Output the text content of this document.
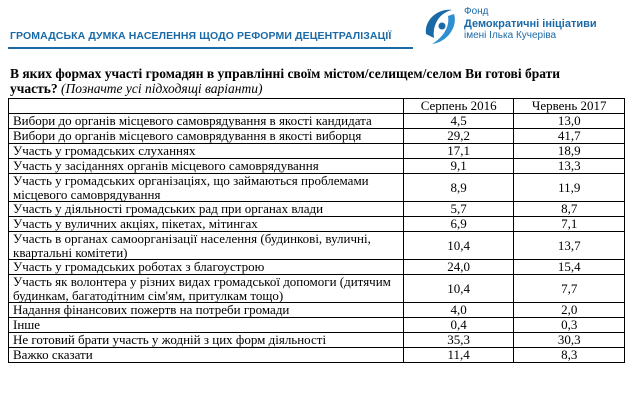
ГРОМАДСЬКА ДУМКА НАСЕЛЕННЯ ЩОДО РЕФОРМИ ДЕЦЕНТРАЛІЗАЦІЇ
Фонд
Демократичні ініціативи
імені Ілька Кучеріва
В яких формах участі громадян в управлінні своїм містом/селищем/селом Ви готові брати участь? (Позначте усі підходящі варіанти)
	Серпень 2016	Червень 2017
Вибори до органів місцевого самоврядування в якості кандидата	4,5	13,0
Вибори до органів місцевого самоврядування в якості виборця	29,2	41,7
Участь у громадських слуханнях	17,1	18,9
Участь у засіданнях органів місцевого самоврядування	9,1	13,3
Участь у громадських організаціях, що займаються проблемами місцевого самоврядування	8,9	11,9
Участь у діяльності громадських рад при органах влади	5,7	8,7
Участь у вуличних акціях, пікетах, мітингах	6,9	7,1
Участь в органах самоорганізації населення (будинкові, вуличні, квартальні комітети)	10,4	13,7
Участь у громадських роботах з благоустрою	24,0	15,4
Участь як волонтера у різних видах громадської допомоги (дитячим будинкам, багатодітним сім'ям, притулкам тощо)	10,4	7,7
Надання фінансових пожертв на потреби громади	4,0	2,0
Інше	0,4	0,3
Не готовий брати участь у жодній з цих форм діяльності	35,3	30,3
Важко сказати	11,4	8,3
